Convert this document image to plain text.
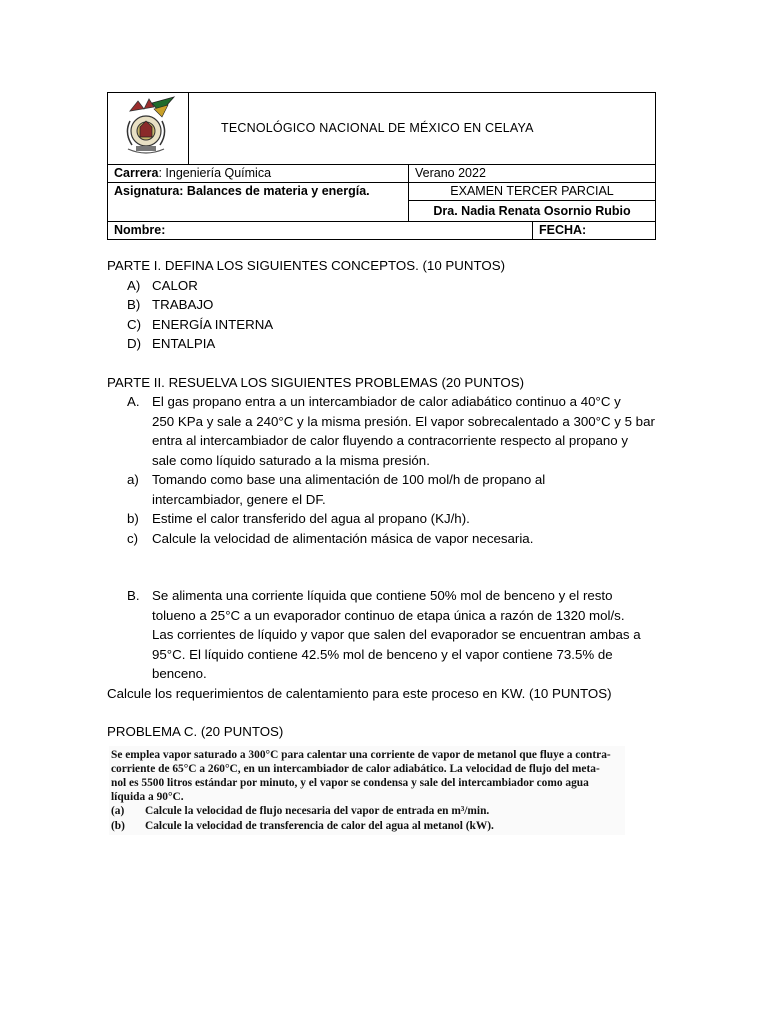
	TECNOLÓGICO NACIONAL DE MÉXICO EN CELAYA		
Carrera: Ingeniería Química		Verano 2022	
Asignatura: Balances de materia y energía.		EXAMEN TERCER PARCIAL	
		Dra. Nadia Renata Osornio Rubio	
Nombre:			FECHA:

PARTE I. DEFINA LOS SIGUIENTES CONCEPTOS. (10 PUNTOS)

A) CALOR

B) TRABAJO

C) ENERGÍA INTERNA

D) ENTALPIA

PARTE II. RESUELVA LOS SIGUIENTES PROBLEMAS (20 PUNTOS)

A. El gas propano entra a un intercambiador de calor adiabático continuo a 40°C y

250 KPa y sale a 240°C y la misma presión. El vapor sobrecalentado a 300°C y 5 bar

entra al intercambiador de calor fluyendo a contracorriente respecto al propano y

sale como líquido saturado a la misma presión.

a) Tomando como base una alimentación de 100 mol/h de propano al

intercambiador, genere el DF.

b) Estime el calor transferido del agua al propano (KJ/h).

c) Calcule la velocidad de alimentación másica de vapor necesaria.

B. Se alimenta una corriente líquida que contiene 50% mol de benceno y el resto

tolueno a 25°C a un evaporador continuo de etapa única a razón de 1320 mol/s.

Las corrientes de líquido y vapor que salen del evaporador se encuentran ambas a

95°C. El líquido contiene 42.5% mol de benceno y el vapor contiene 73.5% de

benceno.

Calcule los requerimientos de calentamiento para este proceso en KW. (10 PUNTOS)

PROBLEMA C. (20 PUNTOS)

Se emplea vapor saturado a 300°C para calentar una corriente de vapor de metanol que fluye a contra-

corriente de 65°C a 260°C, en un intercambiador de calor adiabático. La velocidad de flujo del meta-

nol es 5500 litros estándar por minuto, y el vapor se condensa y sale del intercambiador como agua

líquida a 90°C.

(a) Calcule la velocidad de flujo necesaria del vapor de entrada en m³/min.

(b) Calcule la velocidad de transferencia de calor del agua al metanol (kW).
